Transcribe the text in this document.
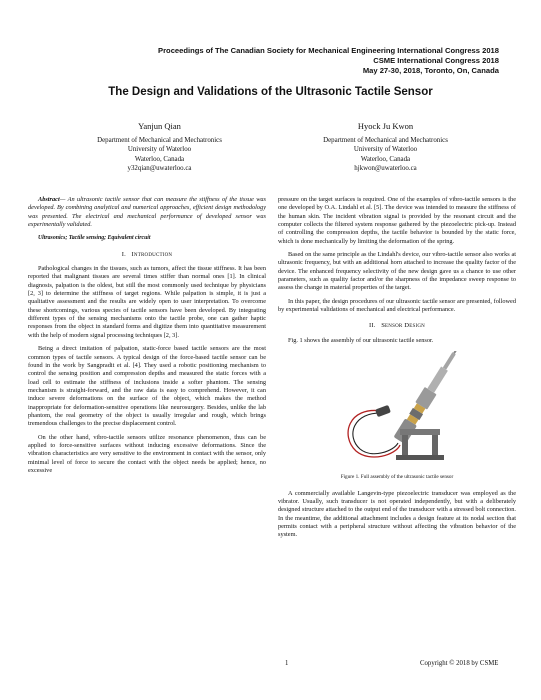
Proceedings of The Canadian Society for Mechanical Engineering International Congress 2018
CSME International Congress 2018
May 27-30, 2018, Toronto, On, Canada
The Design and Validations of the Ultrasonic Tactile Sensor
Yanjun Qian
Department of Mechanical and Mechatronics
University of Waterloo
Waterloo, Canada
y32qian@uwaterloo.ca
Hyock Ju Kwon
Department of Mechanical and Mechatronics
University of Waterloo
Waterloo, Canada
hjkwon@uwaterloo.ca

Abstract— An ultrasonic tactile sensor that can measure the stiffness of the tissue was developed. By combining analytical and numerical approaches, efficient design methodology was presented. The electrical and mechanical performance of developed sensor was experimentally validated.

Ultrasonics; Tactile sensing; Equivalent circuit

I. Introduction

Pathological changes in the tissues, such as tumors, affect the tissue stiffness. It has been reported that malignant tissues are several times stiffer than normal ones [1]. In clinical diagnosis, palpation is the oldest, but still the most commonly used technique by physicians [2, 3] to determine the stiffness of target regions. While palpation is simple, it is just a qualitative assessment and the results are widely open to user interpretation. To overcome these shortcomings, various species of tactile sensors have been developed. By integrating different types of the sensing mechanisms onto the tactile probe, one can gather haptic responses from the object in standard forms and digitize them into quantitative measurement with the help of modern signal processing techniques [2, 3].

Being a direct imitation of palpation, static-force based tactile sensors are the most common types of tactile sensors. A typical design of the force-based tactile sensor can be found in the work by Sangpradit et al. [4]. They used a robotic positioning mechanism to control the sensing position and compression depths and measured the static forces with a load cell to estimate the stiffness of inclusions inside a softer phantom. The sensing mechanism is straight-forward, and the raw data is easy to comprehend. However, it can induce severe deformations on the surface of the object, which makes the method inappropriate for deformation-sensitive operations like neurosurgery. Besides, unlike the lab phantom, the real geometry of the object is usually irregular and rough, which brings tremendous challenges to the precise displacement control.

On the other hand, vibro-tactile sensors utilize resonance phenomenon, thus can be applied to force-sensitive surfaces without inducing excessive deformations. Since the vibration characteristics are very sensitive to the environment in contact with the sensor, only minimal level of force to secure the contact with the object needs be applied; hence, no excessive

pressure on the target surfaces is required. One of the examples of vibro-tactile sensors is the one developed by O.A. Lindahl et al. [5]. The device was intended to measure the stiffness of the human skin. The incident vibration signal is provided by the resonant circuit and the computer collects the filtered system response gathered by the piezoelectric pick-up. Instead of controlling the compression depths, the tactile behavior is bounded by the static force, which is done mechanically by limiting the deformation of the spring.

Based on the same principle as the Lindahl's device, our vibro-tactile sensor also works at ultrasonic frequency, but with an additional horn attached to increase the quality factor of the device. The enhanced frequency selectivity of the new design gave us a chance to use other parameters, such as quality factor and/or the sharpness of the impedance sweep response to assess the change in material properties of the target.

In this paper, the design procedures of our ultrasonic tactile sensor are presented, followed by experimental validations of mechanical and electrical performance.

II. Sensor Design

Fig. 1 shows the assembly of our ultrasonic tactile sensor.

Figure 1. Full assembly of the ultrasonic tactile sensor

A commercially available Langevin-type piezoelectric transducer was employed as the vibrator. Usually, such transducer is not operated independently, but with a deliberately designed structure attached to the output end of the transducer with a stressed bolt connection. In the meantime, the additional attachment includes a design feature at its nodal section that permits contact with a peripheral structure without affecting the vibration behavior of the system.

1	Copyright © 2018 by CSME
